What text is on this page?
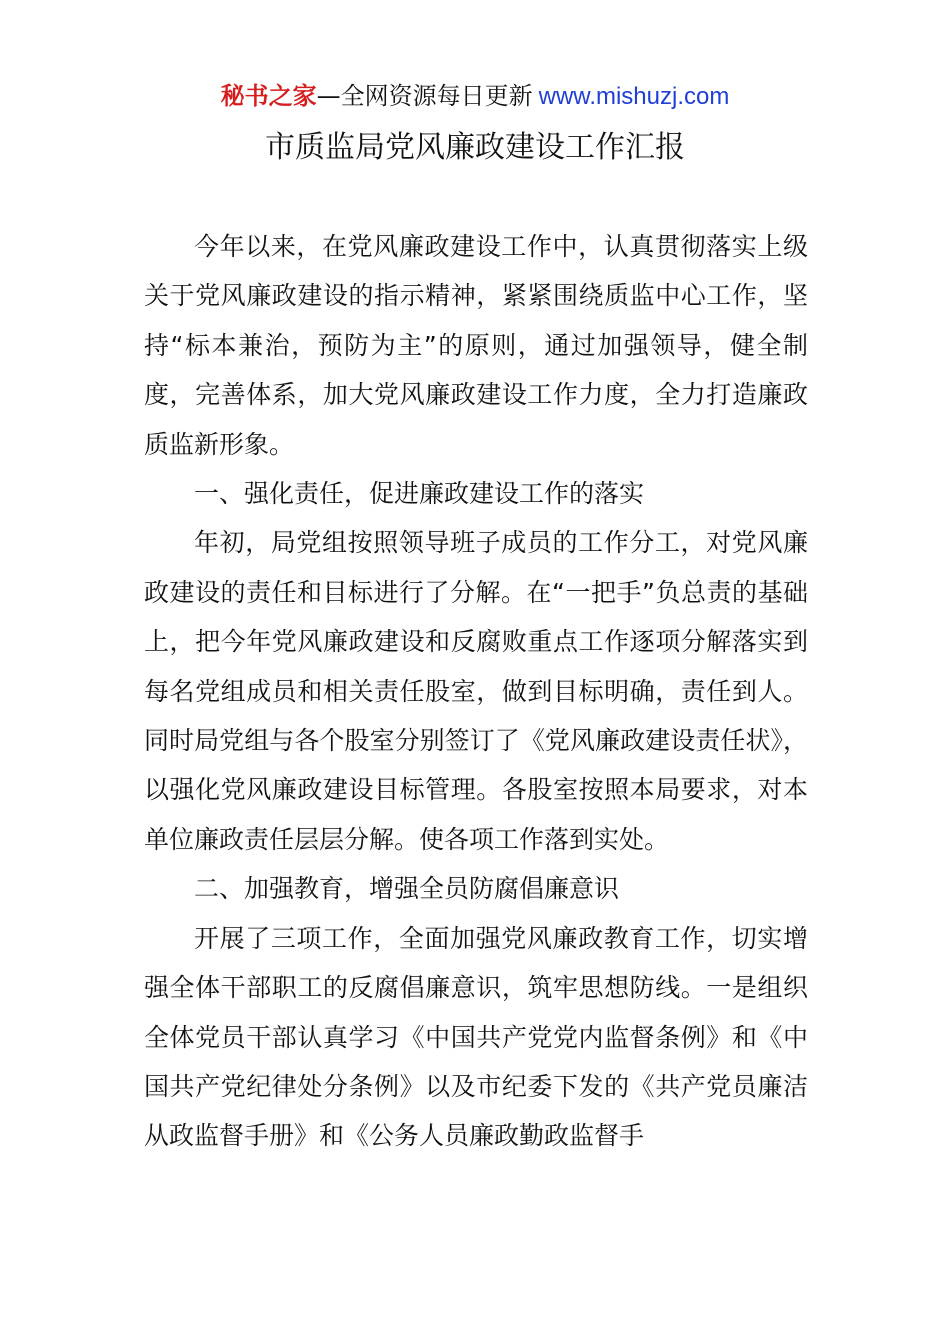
秘书之家—全网资源每日更新 www.mishuzj.com
市质监局党风廉政建设工作汇报

今年以来，在党风廉政建设工作中，认真贯彻落实上级关于党风廉政建设的指示精神，紧紧围绕质监中心工作，坚持“标本兼治，预防为主”的原则，通过加强领导，健全制度，完善体系，加大党风廉政建设工作力度，全力打造廉政质监新形象。

一、强化责任，促进廉政建设工作的落实

年初，局党组按照领导班子成员的工作分工，对党风廉政建设的责任和目标进行了分解。在“一把手”负总责的基础上，把今年党风廉政建设和反腐败重点工作逐项分解落实到每名党组成员和相关责任股室，做到目标明确，责任到人。同时局党组与各个股室分别签订了《党风廉政建设责任状》，以强化党风廉政建设目标管理。各股室按照本局要求，对本单位廉政责任层层分解。使各项工作落到实处。

二、加强教育，增强全员防腐倡廉意识

开展了三项工作，全面加强党风廉政教育工作，切实增强全体干部职工的反腐倡廉意识，筑牢思想防线。一是组织全体党员干部认真学习《中国共产党党内监督条例》和《中国共产党纪律处分条例》以及市纪委下发的《共产党员廉洁从政监督手册》和《公务人员廉政勤政监督手
